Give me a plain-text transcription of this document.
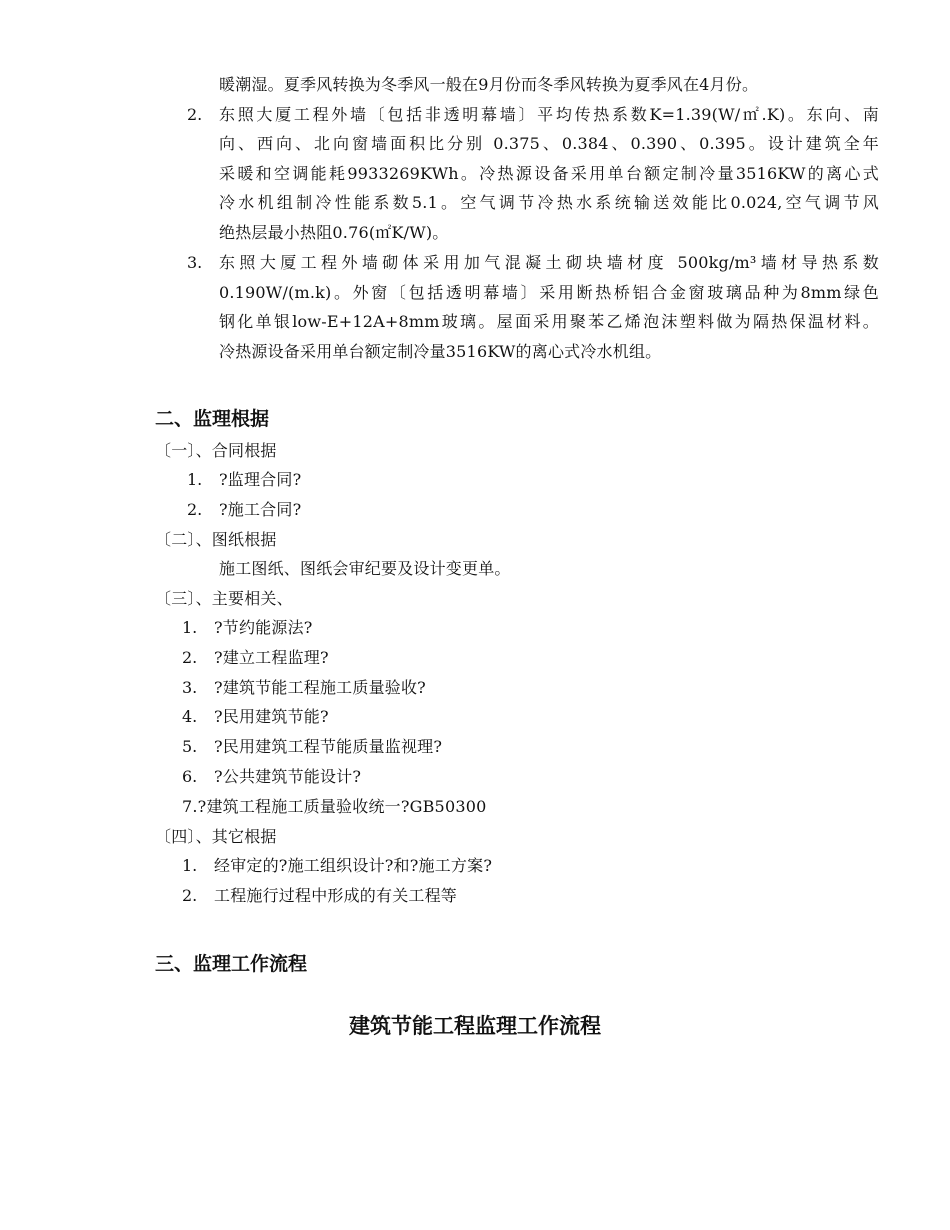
暖潮湿。夏季风转换为冬季风一般在9月份而冬季风转换为夏季风在4月份。
2. 东照大厦工程外墙〔包括非透明幕墙〕平均传热系数K=1.39(W/㎡.K)。东向、南
向、西向、北向窗墙面积比分别 0.375、0.384、0.390、0.395。设计建筑全年
采暖和空调能耗9933269KWh。冷热源设备采用单台额定制冷量3516KW的离心式
冷水机组制冷性能系数5.1。空气调节冷热水系统输送效能比0.024,空气调节风
绝热层最小热阻0.76(㎡K/W)。
3. 东照大厦工程外墙砌体采用加气混凝土砌块墙材度 500kg/m³墙材导热系数
0.190W/(m.k)。外窗〔包括透明幕墙〕采用断热桥铝合金窗玻璃品种为8mm绿色
钢化单银low-E+12A+8mm玻璃。屋面采用聚苯乙烯泡沫塑料做为隔热保温材料。
冷热源设备采用单台额定制冷量3516KW的离心式冷水机组。
二、监理根据
〔一〕、合同根据
1. ?监理合同?
2. ?施工合同?
〔二〕、图纸根据
施工图纸、图纸会审纪要及设计变更单。
〔三〕、主要相关、
1. ?节约能源法?
2. ?建立工程监理?
3. ?建筑节能工程施工质量验收?
4. ?民用建筑节能?
5. ?民用建筑工程节能质量监视理?
6. ?公共建筑节能设计?
7.?建筑工程施工质量验收统一?GB50300
〔四〕、其它根据
1. 经审定的?施工组织设计?和?施工方案?
2. 工程施行过程中形成的有关工程等
三、监理工作流程
建筑节能工程监理工作流程
